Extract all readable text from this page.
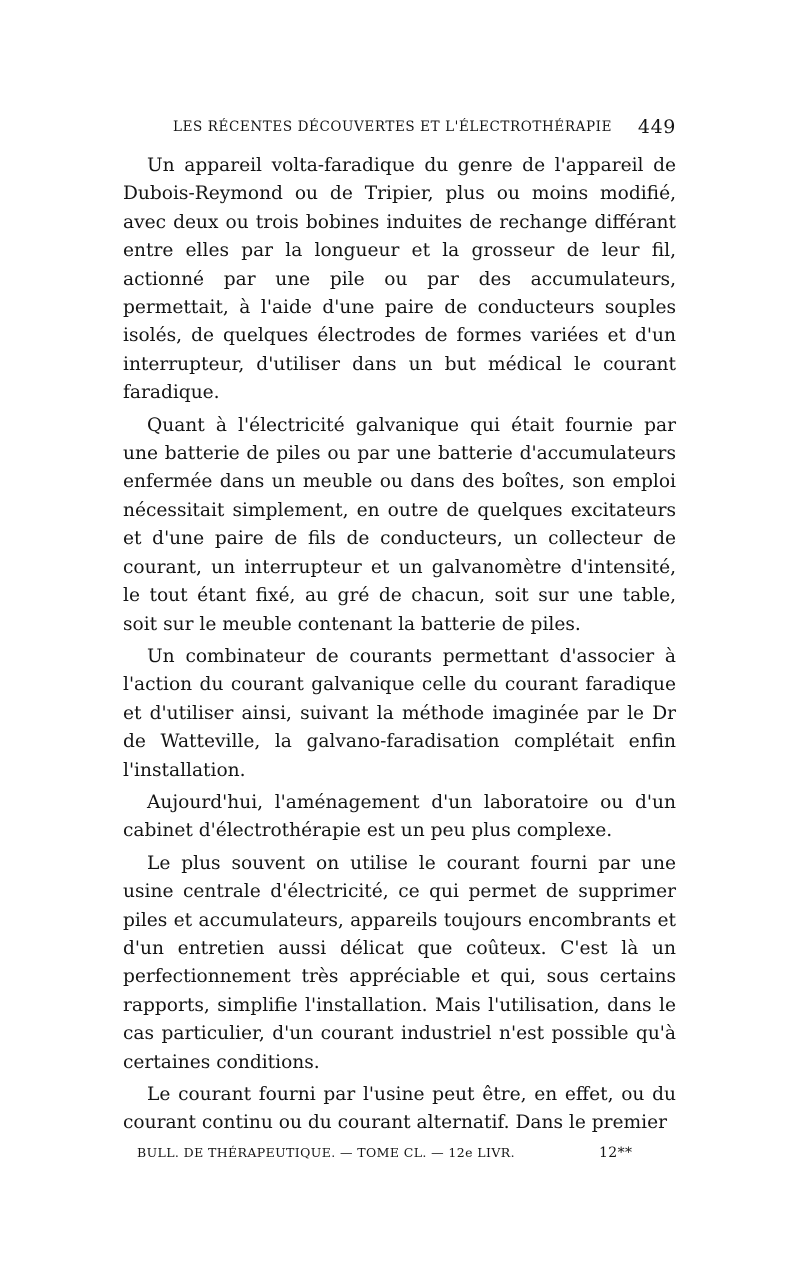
LES RÉCENTES DÉCOUVERTES ET L'ÉLECTROTHÉRAPIE 449

Un appareil volta-faradique du genre de l'appareil de Dubois-Reymond ou de Tripier, plus ou moins modifié, avec deux ou trois bobines induites de rechange différant entre elles par la longueur et la grosseur de leur fil, actionné par une pile ou par des accumulateurs, permettait, à l'aide d'une paire de conducteurs souples isolés, de quelques électrodes de formes variées et d'un interrupteur, d'utiliser dans un but médical le courant faradique.

Quant à l'électricité galvanique qui était fournie par une batterie de piles ou par une batterie d'accumulateurs enfermée dans un meuble ou dans des boîtes, son emploi nécessitait simplement, en outre de quelques excitateurs et d'une paire de fils de conducteurs, un collecteur de courant, un interrupteur et un galvanomètre d'intensité, le tout étant fixé, au gré de chacun, soit sur une table, soit sur le meuble contenant la batterie de piles.

Un combinateur de courants permettant d'associer à l'action du courant galvanique celle du courant faradique et d'utiliser ainsi, suivant la méthode imaginée par le Dr de Watteville, la galvano-faradisation complétait enfin l'installation.

Aujourd'hui, l'aménagement d'un laboratoire ou d'un cabinet d'électrothérapie est un peu plus complexe.

Le plus souvent on utilise le courant fourni par une usine centrale d'électricité, ce qui permet de supprimer piles et accumulateurs, appareils toujours encombrants et d'un entretien aussi délicat que coûteux. C'est là un perfectionnement très appréciable et qui, sous certains rapports, simplifie l'installation. Mais l'utilisation, dans le cas particulier, d'un courant industriel n'est possible qu'à certaines conditions.

Le courant fourni par l'usine peut être, en effet, ou du courant continu ou du courant alternatif. Dans le premier

BULL. DE THÉRAPEUTIQUE. — TOME CL. — 12e LIVR.	12**
